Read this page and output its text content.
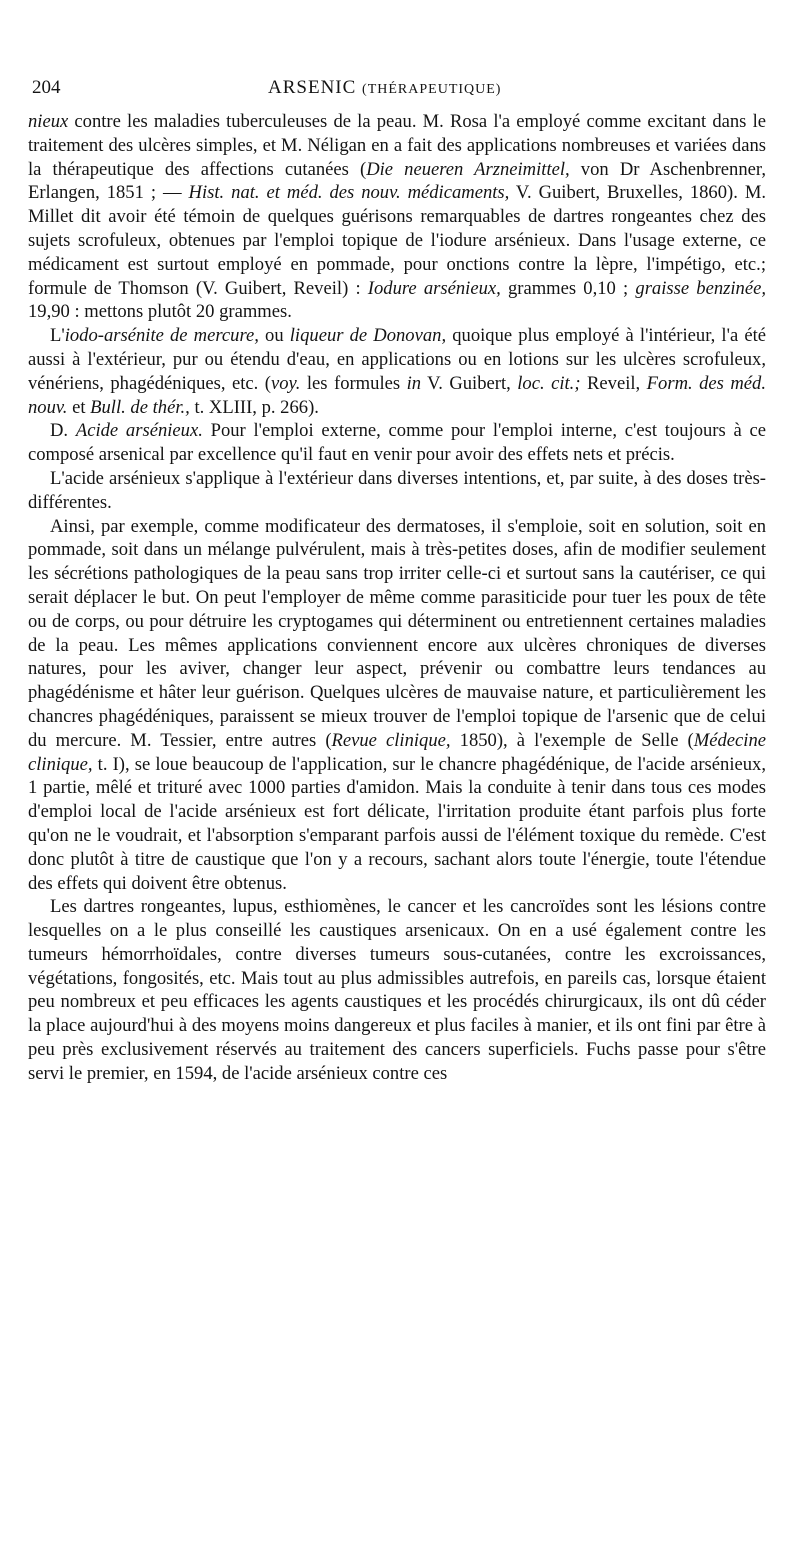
204	ARSENIC (THÉRAPEUTIQUE)

nieux contre les maladies tuberculeuses de la peau. M. Rosa l'a employé comme excitant dans le traitement des ulcères simples, et M. Néligan en a fait des applications nombreuses et variées dans la thérapeutique des affections cutanées (Die neueren Arzneimittel, von Dr Aschenbrenner, Erlangen, 1851 ; — Hist. nat. et méd. des nouv. médicaments, V. Guibert, Bruxelles, 1860). M. Millet dit avoir été témoin de quelques guérisons remarquables de dartres rongeantes chez des sujets scrofuleux, obtenues par l'emploi topique de l'iodure arsénieux. Dans l'usage externe, ce médicament est surtout employé en pommade, pour onctions contre la lèpre, l'impétigo, etc.; formule de Thomson (V. Guibert, Reveil) : Iodure arsénieux, grammes 0,10 ; graisse benzinée, 19,90 : mettons plutôt 20 grammes.

L'iodo-arsénite de mercure, ou liqueur de Donovan, quoique plus employé à l'intérieur, l'a été aussi à l'extérieur, pur ou étendu d'eau, en applications ou en lotions sur les ulcères scrofuleux, vénériens, phagédéniques, etc. (voy. les formules in V. Guibert, loc. cit.; Reveil, Form. des méd. nouv. et Bull. de thér., t. XLIII, p. 266).

D. Acide arsénieux. Pour l'emploi externe, comme pour l'emploi interne, c'est toujours à ce composé arsenical par excellence qu'il faut en venir pour avoir des effets nets et précis.

L'acide arsénieux s'applique à l'extérieur dans diverses intentions, et, par suite, à des doses très-différentes.

Ainsi, par exemple, comme modificateur des dermatoses, il s'emploie, soit en solution, soit en pommade, soit dans un mélange pulvérulent, mais à très-petites doses, afin de modifier seulement les sécrétions pathologiques de la peau sans trop irriter celle-ci et surtout sans la cautériser, ce qui serait déplacer le but. On peut l'employer de même comme parasiticide pour tuer les poux de tête ou de corps, ou pour détruire les cryptogames qui déterminent ou entretiennent certaines maladies de la peau. Les mêmes applications conviennent encore aux ulcères chroniques de diverses natures, pour les aviver, changer leur aspect, prévenir ou combattre leurs tendances au phagédénisme et hâter leur guérison. Quelques ulcères de mauvaise nature, et particulièrement les chancres phagédéniques, paraissent se mieux trouver de l'emploi topique de l'arsenic que de celui du mercure. M. Tessier, entre autres (Revue clinique, 1850), à l'exemple de Selle (Médecine clinique, t. I), se loue beaucoup de l'application, sur le chancre phagédénique, de l'acide arsénieux, 1 partie, mêlé et trituré avec 1000 parties d'amidon. Mais la conduite à tenir dans tous ces modes d'emploi local de l'acide arsénieux est fort délicate, l'irritation produite étant parfois plus forte qu'on ne le voudrait, et l'absorption s'emparant parfois aussi de l'élément toxique du remède. C'est donc plutôt à titre de caustique que l'on y a recours, sachant alors toute l'énergie, toute l'étendue des effets qui doivent être obtenus.

Les dartres rongeantes, lupus, esthiomènes, le cancer et les cancroïdes sont les lésions contre lesquelles on a le plus conseillé les caustiques arsenicaux. On en a usé également contre les tumeurs hémorrhoïdales, contre diverses tumeurs sous-cutanées, contre les excroissances, végétations, fongosités, etc. Mais tout au plus admissibles autrefois, en pareils cas, lorsque étaient peu nombreux et peu efficaces les agents caustiques et les procédés chirurgicaux, ils ont dû céder la place aujourd'hui à des moyens moins dangereux et plus faciles à manier, et ils ont fini par être à peu près exclusivement réservés au traitement des cancers superficiels. Fuchs passe pour s'être servi le premier, en 1594, de l'acide arsénieux contre ces
